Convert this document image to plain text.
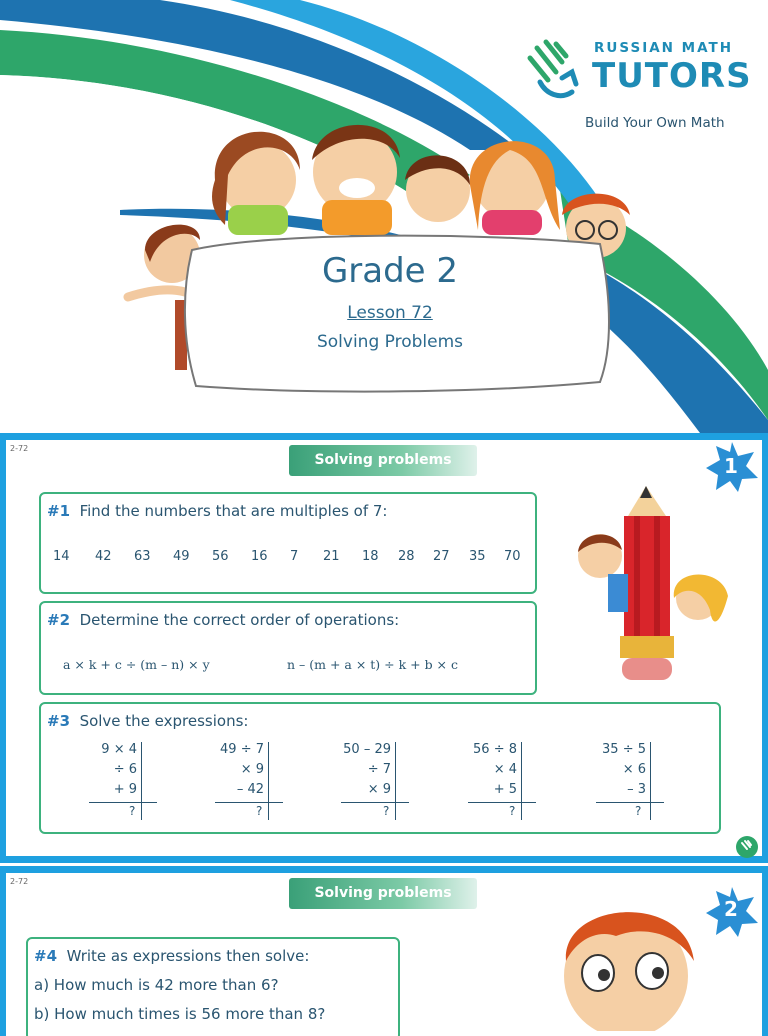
RUSSIAN MATH
TUTORS
Build Your Own Math
Grade 2
Lesson 72
Solving Problems
2-72
Solving problems	1
#1 Find the numbers that are multiples of 7:
14 42 63 49 56 16 7 21 18 28 27 35 70
#2 Determine the correct order of operations:
a × k + c ÷ (m – n) × y	n – (m + a × t) ÷ k + b × c
#3 Solve the expressions:
9 × 4
÷ 6
+ 9
?
49 ÷ 7
× 9
– 42
?
50 – 29
÷ 7
× 9
?
56 ÷ 8
× 4
+ 5
?
35 ÷ 5
× 6
– 3
?
2-72
Solving problems
2
#4 Write as expressions then solve:
a) How much is 42 more than 6?
b) How much times is 56 more than 8?
